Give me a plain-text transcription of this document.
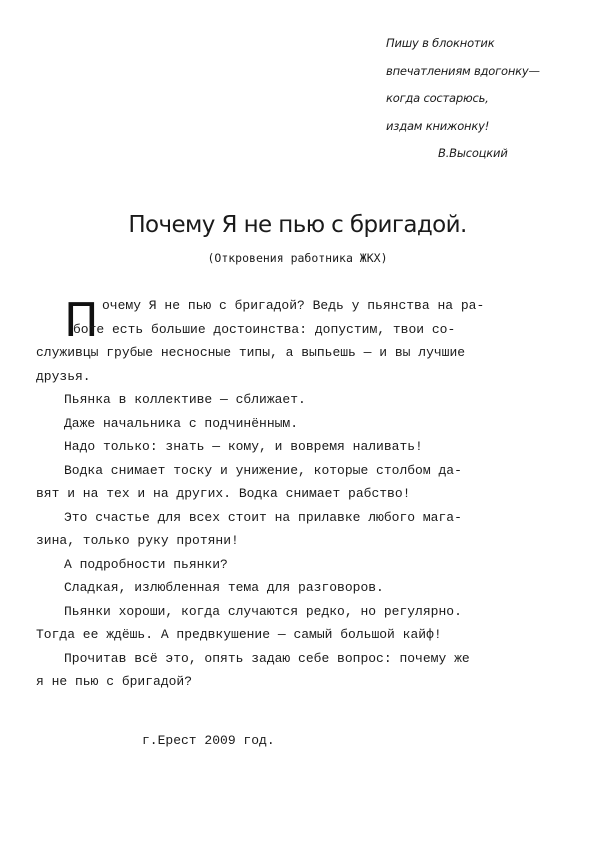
Пишу в блокнотик
впечатлениям вдогонку—
когда состарюсь,
издам книжонку!
В.Высоцкий
Почему Я не пью с бригадой.
(Откровения работника ЖКХ)
П очему Я не пью с бригадой? Ведь у пьянства на ра-
боте есть большие достоинства: допустим, твои со-
служивцы грубые несносные типы, а выпьешь — и вы лучшие
друзья.
Пьянка в коллективе — сближает.
Даже начальника с подчинённым.
Надо только: знать — кому, и вовремя наливать!
Водка снимает тоску и унижение, которые столбом да-
вят и на тех и на других. Водка снимает рабство!
Это счастье для всех стоит на прилавке любого мага-
зина, только руку протяни!
А подробности пьянки?
Сладкая, излюбленная тема для разговоров.
Пьянки хороши, когда случаются редко, но регулярно.
Тогда ее ждёшь. А предвкушение — самый большой кайф!
Прочитав всё это, опять задаю себе вопрос: почему же
я не пью с бригадой?
г.Ерест 2009 год.
